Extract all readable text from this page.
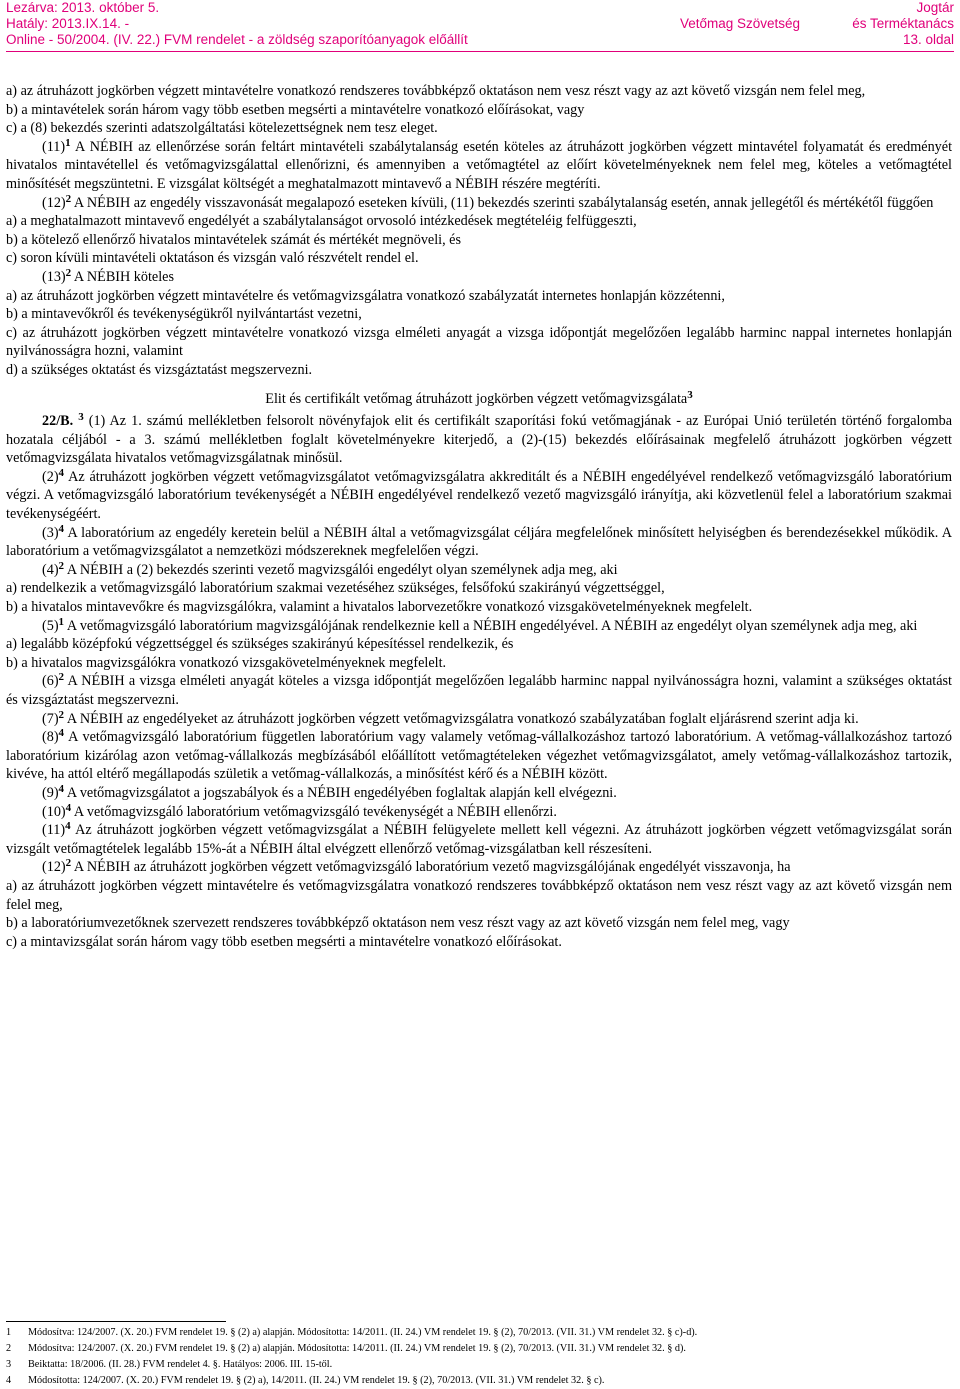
Lezárva: 2013. október 5.
Hatály: 2013.IX.14. -
Online - 50/2004. (IV. 22.) FVM rendelet - a zöldség szaporítóanyagok előállít
Vetőmag Szövetség
Jogtár
és Terméktanács
13. oldal

a) az átruházott jogkörben végzett mintavételre vonatkozó rendszeres továbbképző oktatáson nem vesz részt vagy az azt követő vizsgán nem felel meg,

b) a mintavételek során három vagy több esetben megsérti a mintavételre vonatkozó előírásokat, vagy

c) a (8) bekezdés szerinti adatszolgáltatási kötelezettségnek nem tesz eleget.

$(11)^1$ A NÉBIH az ellenőrzése során feltárt mintavételi szabálytalanság esetén köteles az átruházott jogkörben végzett mintavétel folyamatát és eredményét hivatalos mintavétellel és vetőmagvizsgálattal ellenőrizni, és amennyiben a vetőmagtétel az előírt követelményeknek nem felel meg, köteles a vetőmagtétel minősítését megszüntetni. E vizsgálat költségét a meghatalmazott mintavevő a NÉBIH részére megtéríti.

$(12)^2$ A NÉBIH az engedély visszavonását megalapozó eseteken kívüli, (11) bekezdés szerinti szabálytalanság esetén, annak jellegétől és mértékétől függően

a) a meghatalmazott mintavevő engedélyét a szabálytalanságot orvosoló intézkedések megtételéig felfüggeszti,

b) a kötelező ellenőrző hivatalos mintavételek számát és mértékét megnöveli, és

c) soron kívüli mintavételi oktatáson és vizsgán való részvételt rendel el.

$(13)^2$ A NÉBIH köteles

a) az átruházott jogkörben végzett mintavételre és vetőmagvizsgálatra vonatkozó szabályzatát internetes honlapján közzétenni,

b) a mintavevőkről és tevékenységükről nyilvántartást vezetni,

c) az átruházott jogkörben végzett mintavételre vonatkozó vizsga elméleti anyagát a vizsga időpontját megelőzően legalább harminc nappal internetes honlapján nyilvánosságra hozni, valamint

d) a szükséges oktatást és vizsgáztatást megszervezni.

Elit és certifikált vetőmag átruházott jogkörben végzett vetőmagvizsgálata$^3$

22/B. $^3$ (1) Az 1. számú mellékletben felsorolt növényfajok elit és certifikált szaporítási fokú vetőmagjának - az Európai Unió területén történő forgalomba hozatala céljából - a 3. számú mellékletben foglalt követelményekre kiterjedő, a (2)-(15) bekezdés előírásainak megfelelő átruházott jogkörben végzett vetőmagvizsgálata hivatalos vetőmagvizsgálatnak minősül.

$(2)^4$ Az átruházott jogkörben végzett vetőmagvizsgálatot vetőmagvizsgálatra akkreditált és a NÉBIH engedélyével rendelkező vetőmagvizsgáló laboratórium végzi. A vetőmagvizsgáló laboratórium tevékenységét a NÉBIH engedélyével rendelkező vezető magvizsgáló irányítja, aki közvetlenül felel a laboratórium szakmai tevékenységéért.

$(3)^4$ A laboratórium az engedély keretein belül a NÉBIH által a vetőmagvizsgálat céljára megfelelőnek minősített helyiségben és berendezésekkel működik. A laboratórium a vetőmagvizsgálatot a nemzetközi módszereknek megfelelően végzi.

$(4)^2$ A NÉBIH a (2) bekezdés szerinti vezető magvizsgálói engedélyt olyan személynek adja meg, aki

a) rendelkezik a vetőmagvizsgáló laboratórium szakmai vezetéséhez szükséges, felsőfokú szakirányú végzettséggel,

b) a hivatalos mintavevőkre és magvizsgálókra, valamint a hivatalos laborvezetőkre vonatkozó vizsgakövetelményeknek megfelelt.

$(5)^1$ A vetőmagvizsgáló laboratórium magvizsgálójának rendelkeznie kell a NÉBIH engedélyével. A NÉBIH az engedélyt olyan személynek adja meg, aki

a) legalább középfokú végzettséggel és szükséges szakirányú képesítéssel rendelkezik, és

b) a hivatalos magvizsgálókra vonatkozó vizsgakövetelményeknek megfelelt.

$(6)^2$ A NÉBIH a vizsga elméleti anyagát köteles a vizsga időpontját megelőzően legalább harminc nappal nyilvánosságra hozni, valamint a szükséges oktatást és vizsgáztatást megszervezni.

$(7)^2$ A NÉBIH az engedélyeket az átruházott jogkörben végzett vetőmagvizsgálatra vonatkozó szabályzatában foglalt eljárásrend szerint adja ki.

$(8)^4$ A vetőmagvizsgáló laboratórium független laboratórium vagy valamely vetőmag-vállalkozáshoz tartozó laboratórium. A vetőmag-vállalkozáshoz tartozó laboratórium kizárólag azon vetőmag-vállalkozás megbízásából előállított vetőmagtételeken végezhet vetőmagvizsgálatot, amely vetőmag-vállalkozáshoz tartozik, kivéve, ha attól eltérő megállapodás születik a vetőmag-vállalkozás, a minősítést kérő és a NÉBIH között.

$(9)^4$ A vetőmagvizsgálatot a jogszabályok és a NÉBIH engedélyében foglaltak alapján kell elvégezni.

$(10)^4$ A vetőmagvizsgáló laboratórium vetőmagvizsgáló tevékenységét a NÉBIH ellenőrzi.

$(11)^4$ Az átruházott jogkörben végzett vetőmagvizsgálat a NÉBIH felügyelete mellett kell végezni. Az átruházott jogkörben végzett vetőmagvizsgálat során vizsgált vetőmagtételek legalább 15%-át a NÉBIH által elvégzett ellenőrző vetőmag-vizsgálatban kell részesíteni.

$(12)^2$ A NÉBIH az átruházott jogkörben végzett vetőmagvizsgáló laboratórium vezető magvizsgálójának engedélyét visszavonja, ha

a) az átruházott jogkörben végzett mintavételre és vetőmagvizsgálatra vonatkozó rendszeres továbbképző oktatáson nem vesz részt vagy az azt követő vizsgán nem felel meg,

b) a laboratóriumvezetőknek szervezett rendszeres továbbképző oktatáson nem vesz részt vagy az azt követő vizsgán nem felel meg, vagy

c) a mintavizsgálat során három vagy több esetben megsérti a mintavételre vonatkozó előírásokat.

1 Módosítva: 124/2007. (X. 20.) FVM rendelet 19. § (2) a) alapján. Módosította: 14/2011. (II. 24.) VM rendelet 19. § (2), 70/2013. (VII. 31.) VM rendelet 32. § c)-d).
2 Módosítva: 124/2007. (X. 20.) FVM rendelet 19. § (2) a) alapján. Módosította: 14/2011. (II. 24.) VM rendelet 19. § (2), 70/2013. (VII. 31.) VM rendelet 32. § d).
3 Beiktatta: 18/2006. (II. 28.) FVM rendelet 4. §. Hatályos: 2006. III. 15-től.
4 Módosította: 124/2007. (X. 20.) FVM rendelet 19. § (2) a), 14/2011. (II. 24.) VM rendelet 19. § (2), 70/2013. (VII. 31.) VM rendelet 32. § c).
